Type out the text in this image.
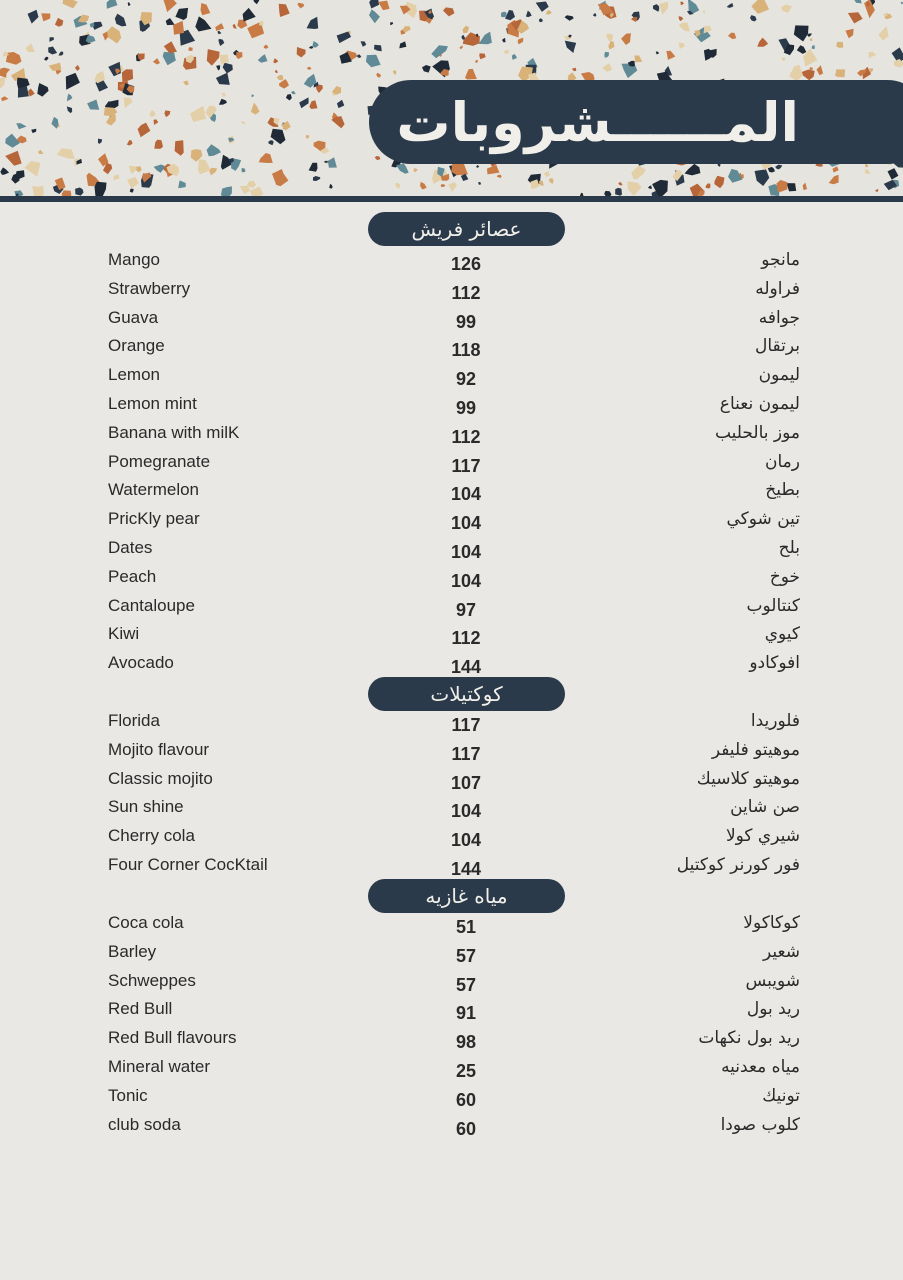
المــــــشروبات
عصائر فريش
Mango	126	مانجو
Strawberry	112	فراوله
Guava	99	جوافه
Orange	118	برتقال
Lemon	92	ليمون
Lemon mint	99	ليمون نعناع
Banana with milK	112	موز بالحليب
Pomegranate	117	رمان
Watermelon	104	بطيخ
PricKly pear	104	تين شوكي
Dates	104	بلح
Peach	104	خوخ
Cantaloupe	97	كنتالوب
Kiwi	112	كيوي
Avocado	144	افوكادو
كوكتيلات
Florida	117	فلوريدا
Mojito flavour	117	موهيتو فليفر
Classic mojito	107	موهيتو كلاسيك
Sun shine	104	صن شاين
Cherry cola	104	شيري كولا
Four Corner CocKtail	144	فور كورنر كوكتيل
مياه غازيه
Coca cola	51	كوكاكولا
Barley	57	شعير
Schweppes	57	شويبس
Red Bull	91	ريد بول
Red Bull flavours	98	ريد بول نكهات
Mineral water	25	مياه معدنيه
Tonic	60	تونيك
club soda	60	كلوب صودا
